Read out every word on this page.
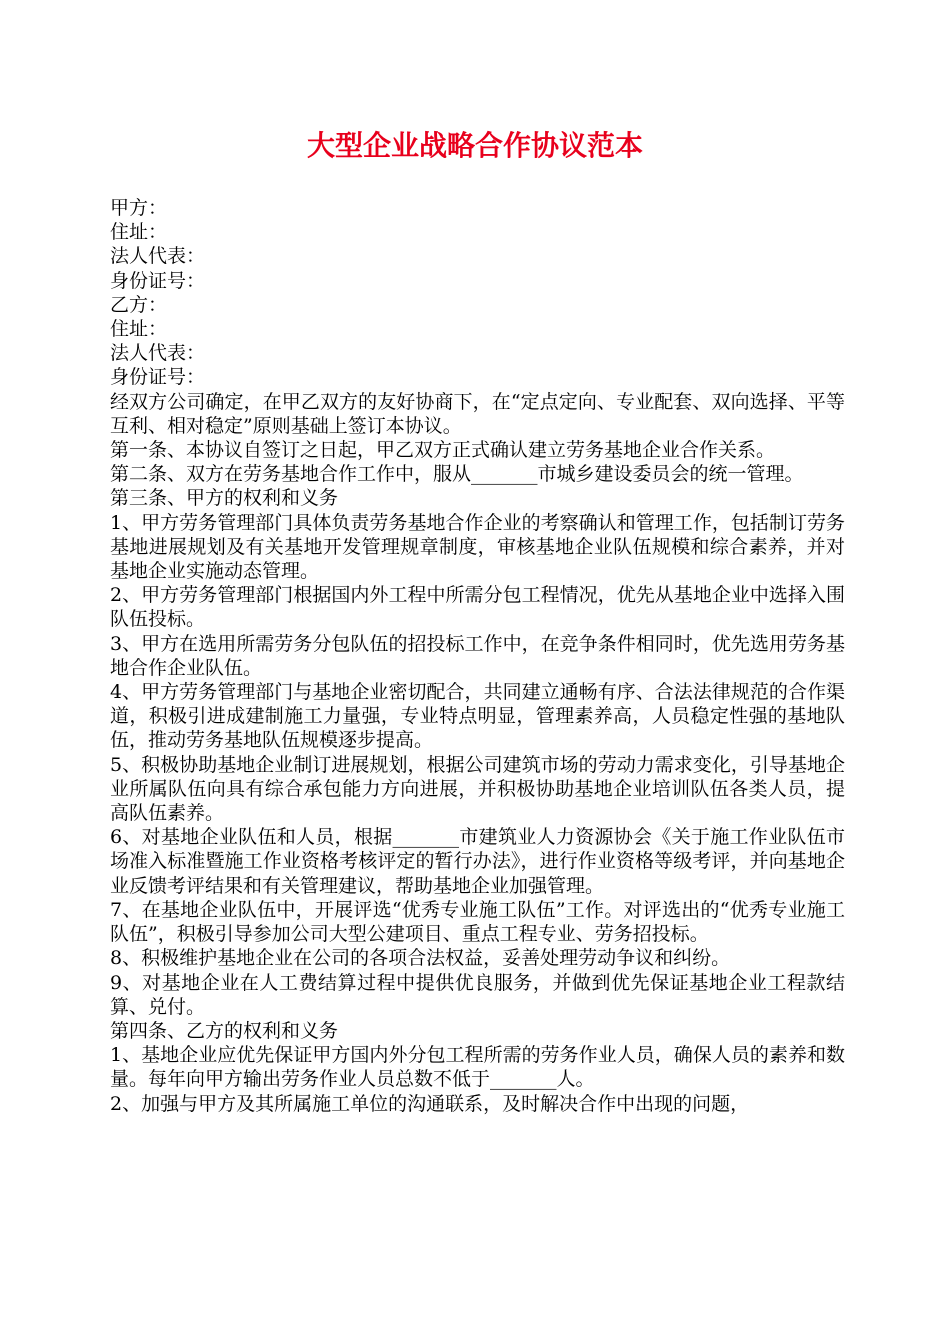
大型企业战略合作协议范本

甲方：

住址：

法人代表：

身份证号：

乙方：

住址：

法人代表：

身份证号：

经双方公司确定，在甲乙双方的友好协商下，在“定点定向、专业配套、双向选择、平等互利、相对稳定”原则基础上签订本协议。

第一条、本协议自签订之日起，甲乙双方正式确认建立劳务基地企业合作关系。

第二条、双方在劳务基地合作工作中，服从_______市城乡建设委员会的统一管理。

第三条、甲方的权利和义务

1、甲方劳务管理部门具体负责劳务基地合作企业的考察确认和管理工作，包括制订劳务基地进展规划及有关基地开发管理规章制度，审核基地企业队伍规模和综合素养，并对基地企业实施动态管理。

2、甲方劳务管理部门根据国内外工程中所需分包工程情况，优先从基地企业中选择入围队伍投标。

3、甲方在选用所需劳务分包队伍的招投标工作中，在竞争条件相同时，优先选用劳务基地合作企业队伍。

4、甲方劳务管理部门与基地企业密切配合，共同建立通畅有序、合法法律规范的合作渠道，积极引进成建制施工力量强，专业特点明显，管理素养高，人员稳定性强的基地队伍，推动劳务基地队伍规模逐步提高。

5、积极协助基地企业制订进展规划，根据公司建筑市场的劳动力需求变化，引导基地企业所属队伍向具有综合承包能力方向进展，并积极协助基地企业培训队伍各类人员，提高队伍素养。

6、对基地企业队伍和人员，根据_______市建筑业人力资源协会《关于施工作业队伍市场准入标准暨施工作业资格考核评定的暂行办法》，进行作业资格等级考评，并向基地企业反馈考评结果和有关管理建议，帮助基地企业加强管理。

7、在基地企业队伍中，开展评选“优秀专业施工队伍”工作。对评选出的“优秀专业施工队伍”，积极引导参加公司大型公建项目、重点工程专业、劳务招投标。

8、积极维护基地企业在公司的各项合法权益，妥善处理劳动争议和纠纷。

9、对基地企业在人工费结算过程中提供优良服务，并做到优先保证基地企业工程款结算、兑付。

第四条、乙方的权利和义务

1、基地企业应优先保证甲方国内外分包工程所需的劳务作业人员，确保人员的素养和数量。每年向甲方输出劳务作业人员总数不低于_______人。

2、加强与甲方及其所属施工单位的沟通联系，及时解决合作中出现的问题，
